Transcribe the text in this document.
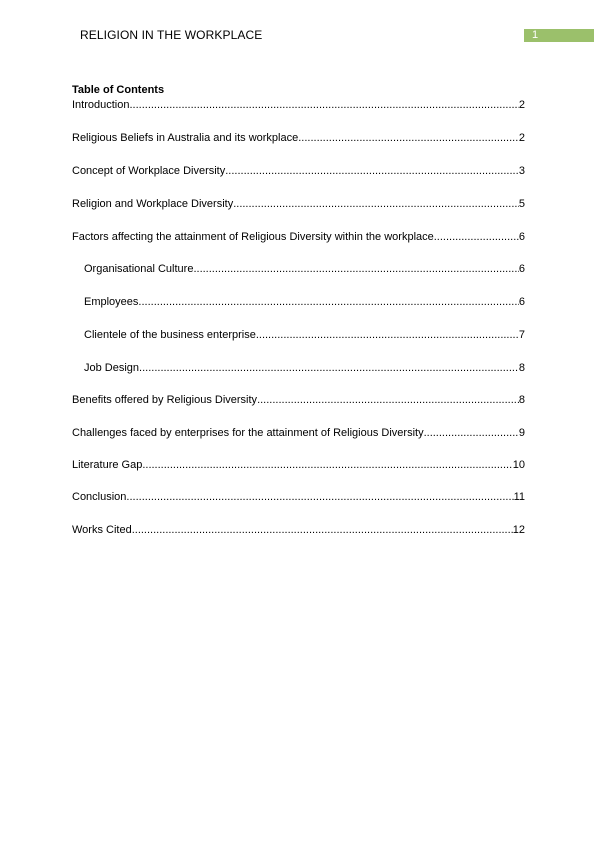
RELIGION IN THE WORKPLACE	1
Table of Contents
Introduction .....	2
Religious Beliefs in Australia and its workplace .....	2
Concept of Workplace Diversity .....	3
Religion and Workplace Diversity .....	5
Factors affecting the attainment of Religious Diversity within the workplace .....	6
Organisational Culture .....	6
Employees .....	6
Clientele of the business enterprise .....	7
Job Design .....	8
Benefits offered by Religious Diversity .....	8
Challenges faced by enterprises for the attainment of Religious Diversity .....	9
Literature Gap .....	10
Conclusion .....	11
Works Cited .....	12
